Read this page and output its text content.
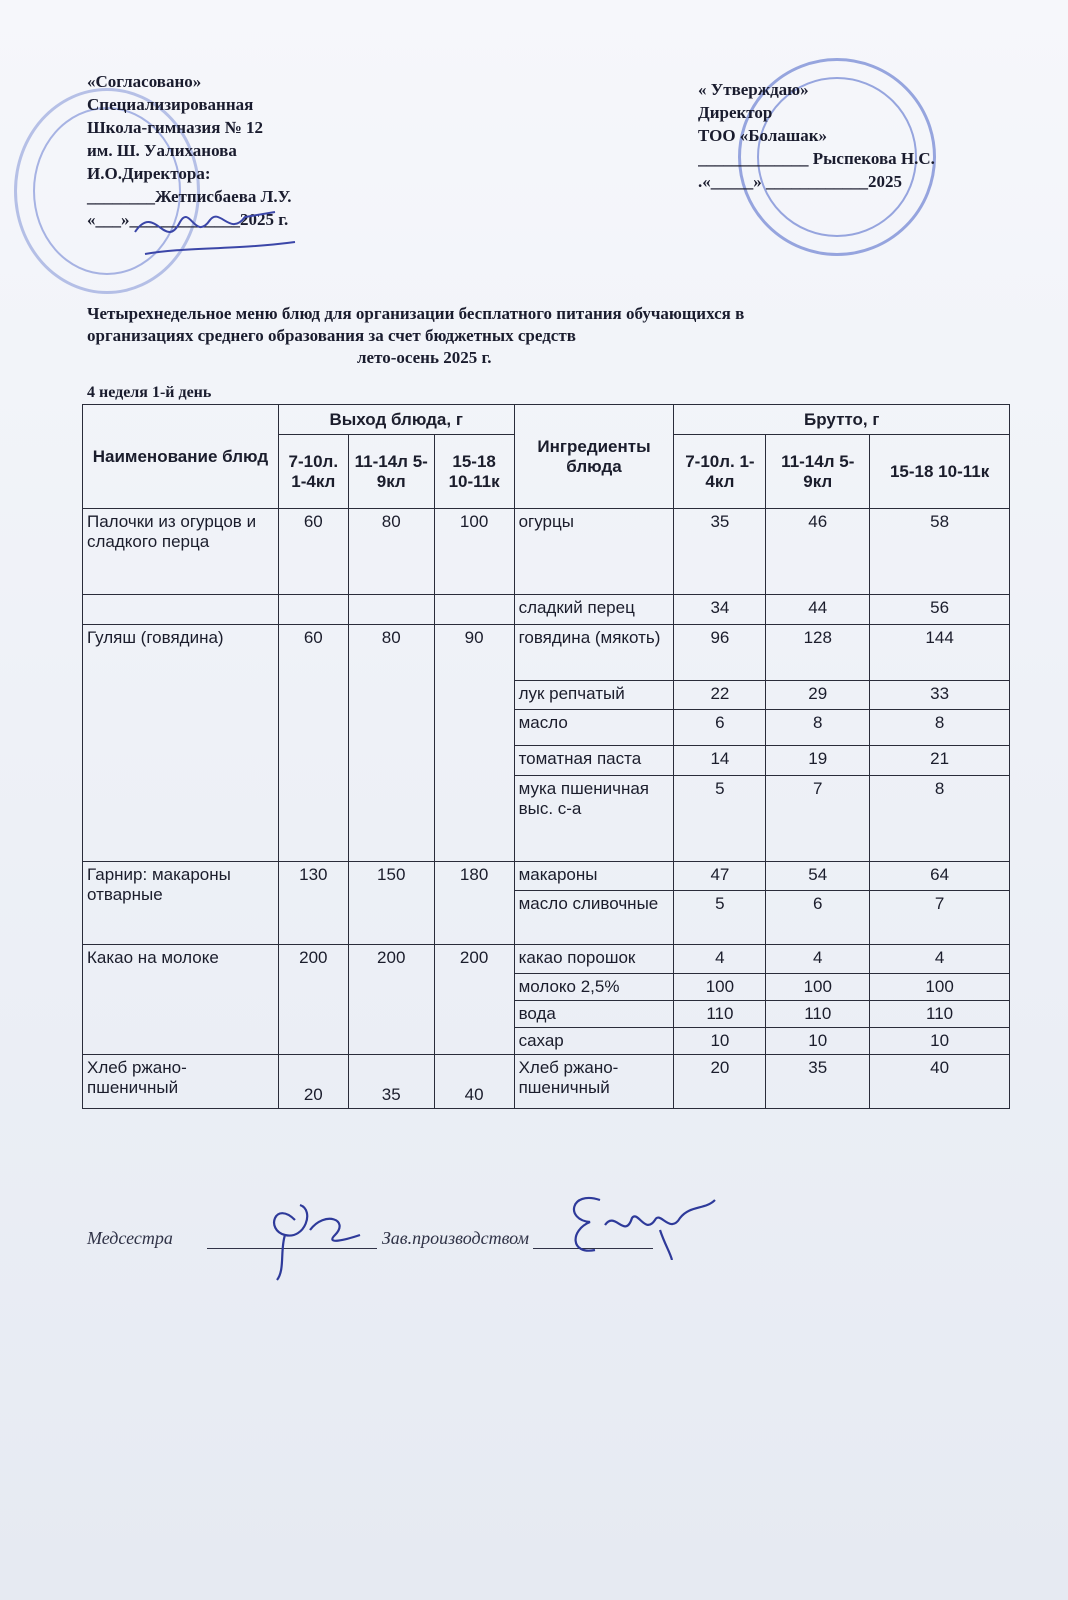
«Согласовано»
Специализированная
Школа-гимназия № 12
им. Ш. Уалиханова
И.О.Директора:
________Жетписбаева Л.У.
«___»_____________2025 г.
« Утверждаю»
Директор
ТОО «Болашак»
_____________ Рыспекова Н.С.
.«_____» ____________2025
Четырехнедельное меню блюд для организации бесплатного питания обучающихся в
организациях среднего образования за счет бюджетных средств
лето-осень 2025 г.
4 неделя 1-й день
Наименование блюд	Выход блюда, г			Ингредиенты блюда	Брутто, г		
	7-10л. 1-4кл	11-14л 5-9кл	15-18 10-11к		7-10л. 1-4кл	11-14л 5-9кл	15-18 10-11к
Палочки из огурцов и сладкого перца	60	80	100	огурцы	35	46	58
				сладкий перец	34	44	56
Гуляш (говядина)	60	80	90	говядина (мякоть)	96	128	144
				лук репчатый	22	29	33
				масло	6	8	8
				томатная паста	14	19	21
				мука пшеничная выс. с-а	5	7	8
Гарнир: макароны отварные	130	150	180	макароны	47	54	64
				масло сливочные	5	6	7
Какао на молоке	200	200	200	какао порошок	4	4	4
				молоко 2,5%	100	100	100
				вода	110	110	110
				сахар	10	10	10
Хлеб ржано-пшеничный	20	35	40	Хлеб ржано-пшеничный	20	35	40
Медсестра	Зав.производством
